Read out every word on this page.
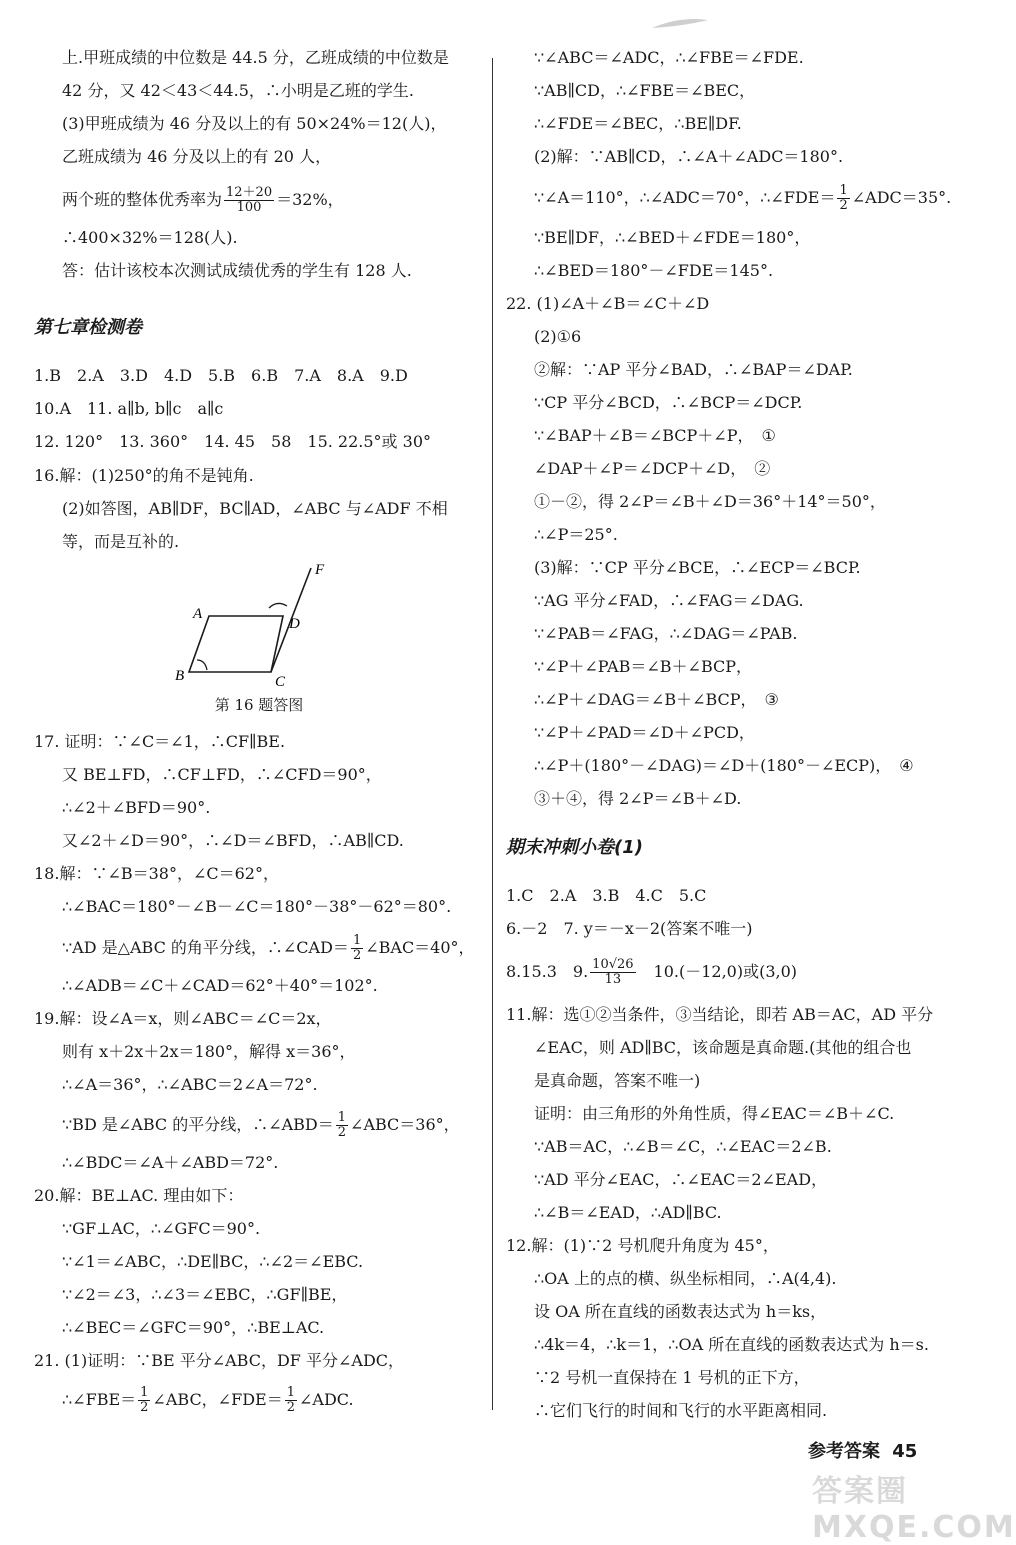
上.甲班成绩的中位数是 44.5 分，乙班成绩的中位数是
42 分，又 42＜43＜44.5，∴小明是乙班的学生.
(3)甲班成绩为 46 分及以上的有 50×24%＝12(人)，
乙班成绩为 46 分及以上的有 20 人，
两个班的整体优秀率为 $\frac{12+20}{100} =32\%$，
∴400×32%＝128(人).
答：估计该校本次测试成绩优秀的学生有 128 人.
第七章检测卷
1.B　2.A　3.D　4.D　5.B　6.B　7.A　8.A　9.D
10.A　11. a∥b, b∥c　a∥c
12. 120°　13. 360°　14. 45　58　15. 22.5°或 30°
16.解：(1)250°的角不是钝角.
(2)如答图，AB∥DF，BC∥AD，∠ABC 与∠ADF 不相
等，而是互补的.
17. 证明：∵∠C＝∠1，∴CF∥BE.
又 BE⊥FD，∴CF⊥FD，∴∠CFD＝90°，
∴∠2＋∠BFD＝90°.
又∠2＋∠D＝90°，∴∠D＝∠BFD，∴AB∥CD.
18.解：∵∠B＝38°，∠C＝62°，
∴∠BAC＝180°－∠B－∠C＝180°－38°－62°＝80°.
∵AD 是△ABC 的角平分线，∴∠CAD＝ $\frac{1}{2}$ ∠BAC＝40°，
∴∠ADB＝∠C＋∠CAD＝62°＋40°＝102°.
19.解：设∠A＝x，则∠ABC＝∠C＝2x，
则有 x＋2x＋2x＝180°，解得 x＝36°，
∴∠A＝36°，∴∠ABC＝2∠A＝72°.
∵BD 是∠ABC 的平分线，∴∠ABD＝ $\frac{1}{2}$ ∠ABC＝36°，
∴∠BDC＝∠A＋∠ABD＝72°.
20.解：BE⊥AC. 理由如下：
∵GF⊥AC，∴∠GFC＝90°.
∵∠1＝∠ABC，∴DE∥BC，∴∠2＝∠EBC.
∵∠2＝∠3，∴∠3＝∠EBC，∴GF∥BE，
∴∠BEC＝∠GFC＝90°，∴BE⊥AC.
21. (1)证明：∵BE 平分∠ABC，DF 平分∠ADC，
∴∠FBE＝ $\frac{1}{2}$ ∠ABC，∠FDE＝ $\frac{1}{2}$ ∠ADC.
A
B	C
D
F
第 16 题答图
∵∠ABC＝∠ADC，∴∠FBE＝∠FDE.
∵AB∥CD，∴∠FBE＝∠BEC，
∴∠FDE＝∠BEC，∴BE∥DF.
(2)解：∵AB∥CD，∴∠A＋∠ADC＝180°.
∵∠A＝110°，∴∠ADC＝70°，∴∠FDE＝ $\frac{1}{2}$ ∠ADC＝35°.
∵BE∥DF，∴∠BED＋∠FDE＝180°，
∴∠BED＝180°－∠FDE＝145°.
22. (1)∠A＋∠B＝∠C＋∠D
(2)①6
②解：∵AP 平分∠BAD，∴∠BAP＝∠DAP.
∵CP 平分∠BCD，∴∠BCP＝∠DCP.
∵∠BAP＋∠B＝∠BCP＋∠P，　①
∠DAP＋∠P＝∠DCP＋∠D，　②
①－②，得 2∠P＝∠B＋∠D＝36°＋14°＝50°，
∴∠P＝25°.
(3)解：∵CP 平分∠BCE，∴∠ECP＝∠BCP.
∵AG 平分∠FAD，∴∠FAG＝∠DAG.
∵∠PAB＝∠FAG，∴∠DAG＝∠PAB.
∵∠P＋∠PAB＝∠B＋∠BCP，
∴∠P＋∠DAG＝∠B＋∠BCP，　③
∵∠P＋∠PAD＝∠D＋∠PCD，
∴∠P＋(180°－∠DAG)＝∠D＋(180°－∠ECP)，　④
③＋④，得 2∠P＝∠B＋∠D.
期末冲刺小卷(1)
1.C　2.A　3.B　4.C　5.C
6.－2　7. y＝－x－2(答案不唯一)
8.15.3　9. $\frac{10√26}{13}$ 　10.(－12,0)或(3,0)
11.解：选①②当条件，③当结论，即若 AB＝AC，AD 平分
∠EAC，则 AD∥BC，该命题是真命题.(其他的组合也
是真命题，答案不唯一)
证明：由三角形的外角性质，得∠EAC＝∠B＋∠C.
∵AB＝AC，∴∠B＝∠C，∴∠EAC＝2∠B.
∵AD 平分∠EAC，∴∠EAC＝2∠EAD，
∴∠B＝∠EAD，∴AD∥BC.
12.解：(1)∵2 号机爬升角度为 45°，
∴OA 上的点的横、纵坐标相同，∴A(4,4).
设 OA 所在直线的函数表达式为 h＝ks，
∴4k＝4，∴k＝1，∴OA 所在直线的函数表达式为 h＝s.
∵2 号机一直保持在 1 号机的正下方，
∴它们飞行的时间和飞行的水平距离相同.
参考答案 45
答案圈 MXQE.COM
